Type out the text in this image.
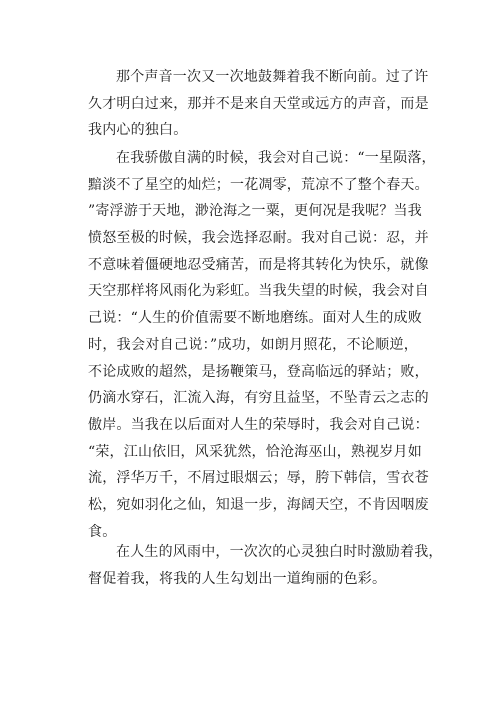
那个声音一次又一次地鼓舞着我不断向前。过了许
久才明白过来，那并不是来自天堂或远方的声音，而是
我内心的独白。
在我骄傲自满的时候，我会对自己说：“一星陨落，
黯淡不了星空的灿烂；一花凋零，荒凉不了整个春天。
”寄浮游于天地，渺沧海之一粟，更何况是我呢？当我
愤怒至极的时候，我会选择忍耐。我对自己说：忍，并
不意味着僵硬地忍受痛苦，而是将其转化为快乐，就像
天空那样将风雨化为彩虹。当我失望的时候，我会对自
己说：“人生的价值需要不断地磨练。面对人生的成败
时，我会对自己说：”成功，如朗月照花，不论顺逆，
不论成败的超然，是扬鞭策马，登高临远的驿站；败，
仍滴水穿石，汇流入海，有穷且益坚，不坠青云之志的
傲岸。当我在以后面对人生的荣辱时，我会对自己说：
“荣，江山依旧，风采犹然，恰沧海巫山，熟视岁月如
流，浮华万千，不屑过眼烟云；辱，胯下韩信，雪衣苍
松，宛如羽化之仙，知退一步，海阔天空，不肯因咽废
食。
在人生的风雨中，一次次的心灵独白时时激励着我，
督促着我，将我的人生勾划出一道绚丽的色彩。
